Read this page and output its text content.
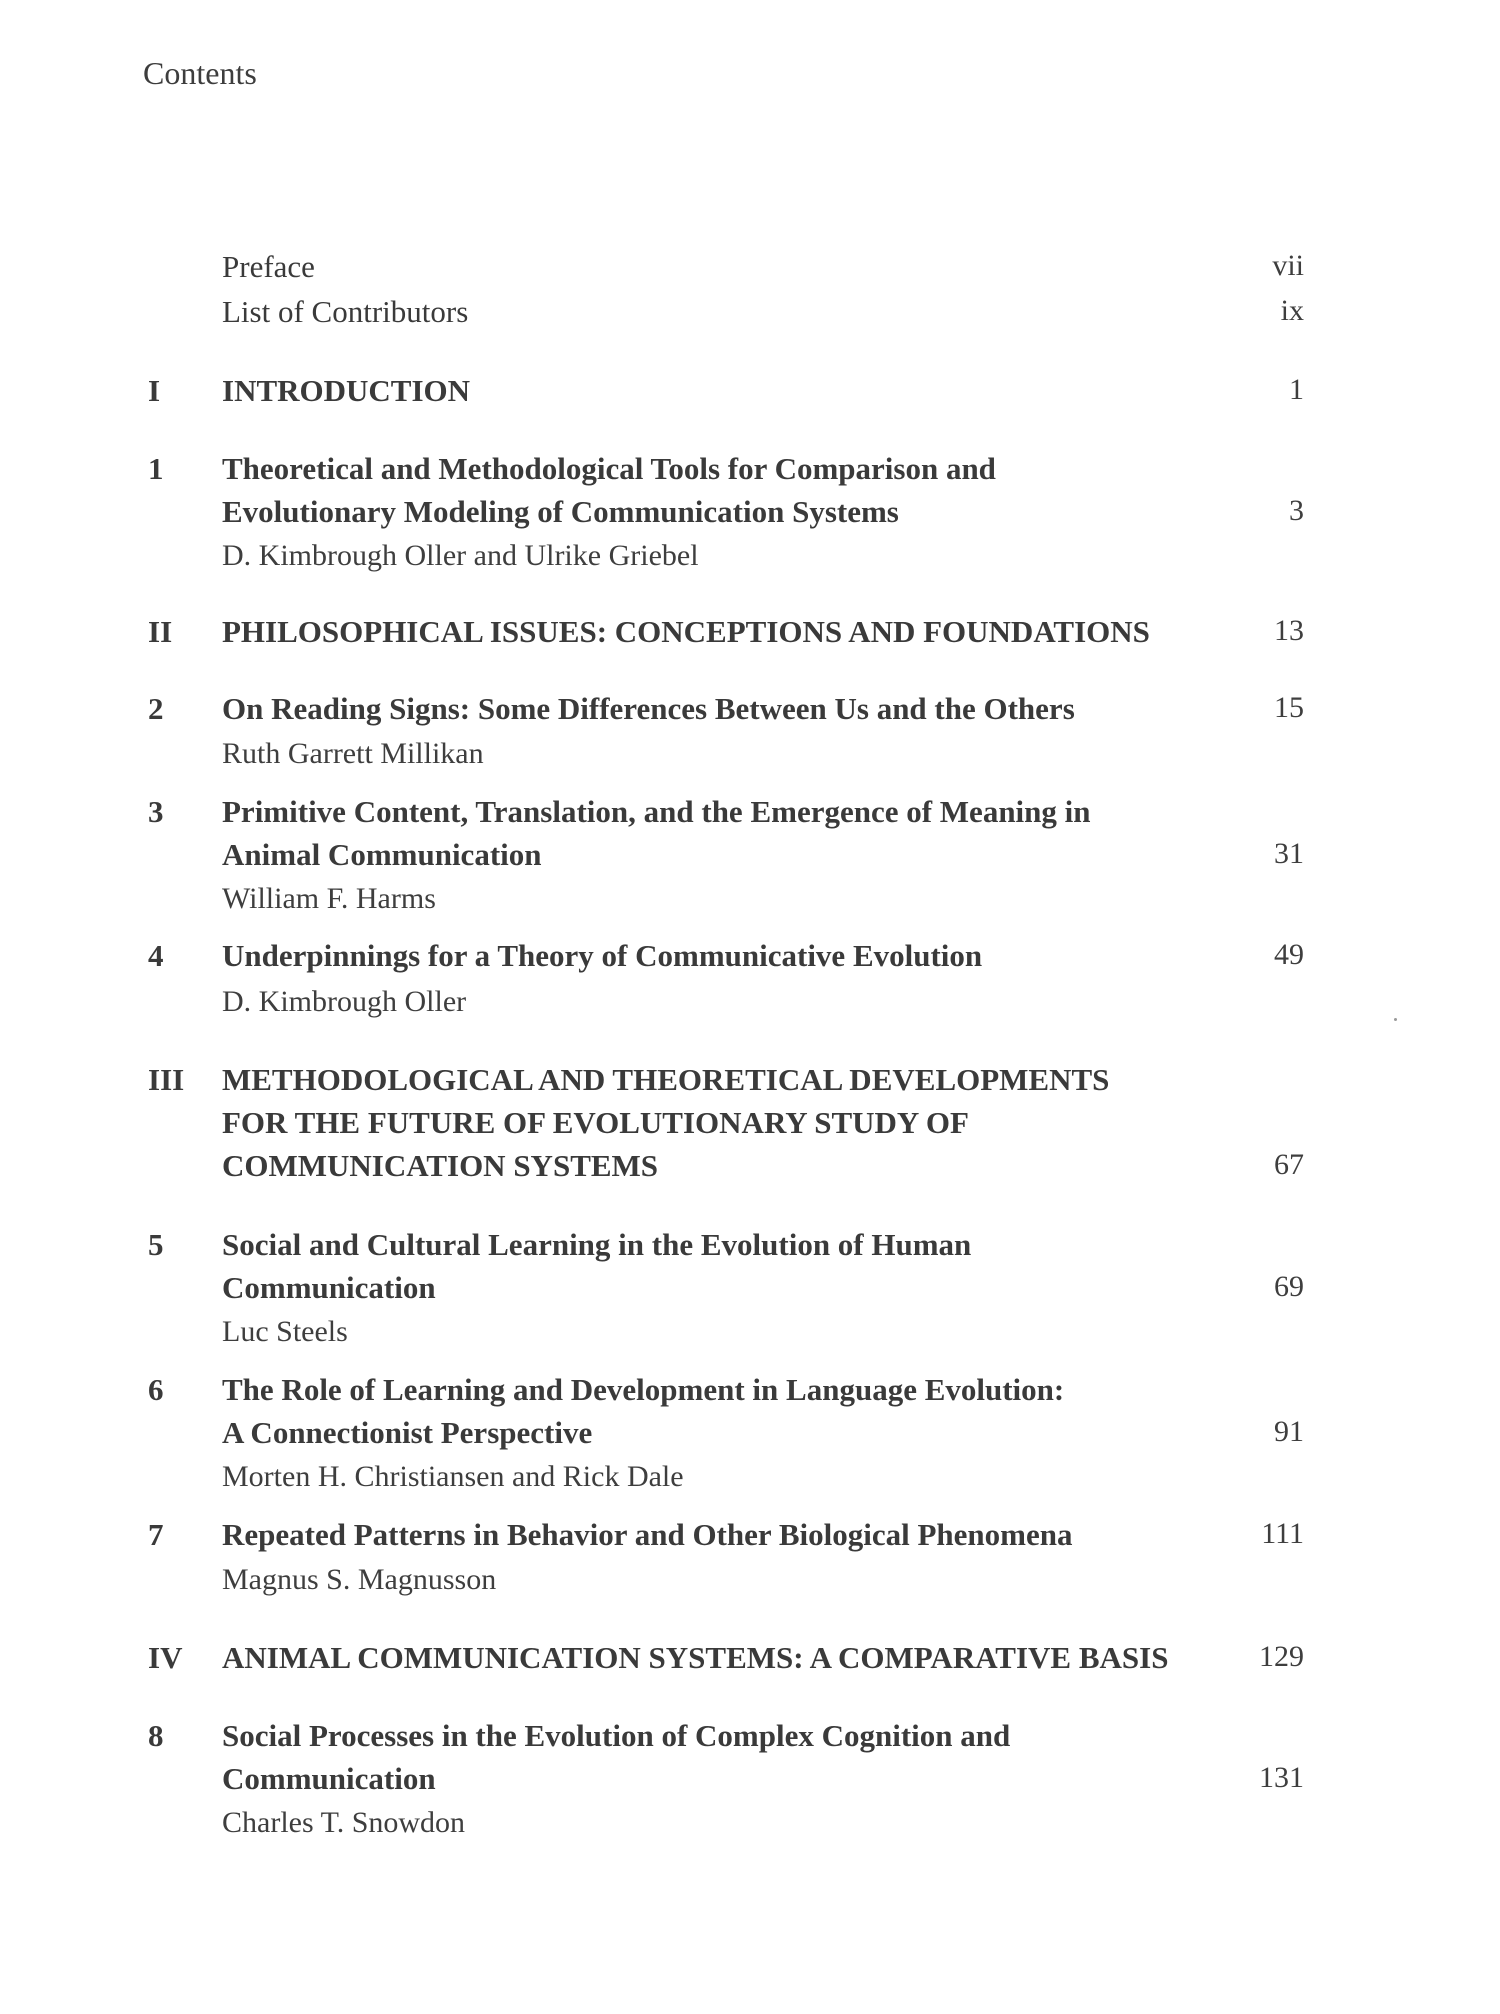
Contents
Preface	vii
List of Contributors	ix
I INTRODUCTION	1
1 Theoretical and Methodological Tools for Comparison and
Evolutionary Modeling of Communication Systems	3
D. Kimbrough Oller and Ulrike Griebel
II PHILOSOPHICAL ISSUES: CONCEPTIONS AND FOUNDATIONS	13
2 On Reading Signs: Some Differences Between Us and the Others	15
Ruth Garrett Millikan
3 Primitive Content, Translation, and the Emergence of Meaning in
Animal Communication	31
William F. Harms
4 Underpinnings for a Theory of Communicative Evolution	49
D. Kimbrough Oller
III METHODOLOGICAL AND THEORETICAL DEVELOPMENTS
FOR THE FUTURE OF EVOLUTIONARY STUDY OF
COMMUNICATION SYSTEMS	67
5 Social and Cultural Learning in the Evolution of Human
Communication	69
Luc Steels
6 The Role of Learning and Development in Language Evolution:
A Connectionist Perspective	91
Morten H. Christiansen and Rick Dale
7 Repeated Patterns in Behavior and Other Biological Phenomena	111
Magnus S. Magnusson
IV ANIMAL COMMUNICATION SYSTEMS: A COMPARATIVE BASIS	129
8 Social Processes in the Evolution of Complex Cognition and
Communication	131
Charles T. Snowdon
